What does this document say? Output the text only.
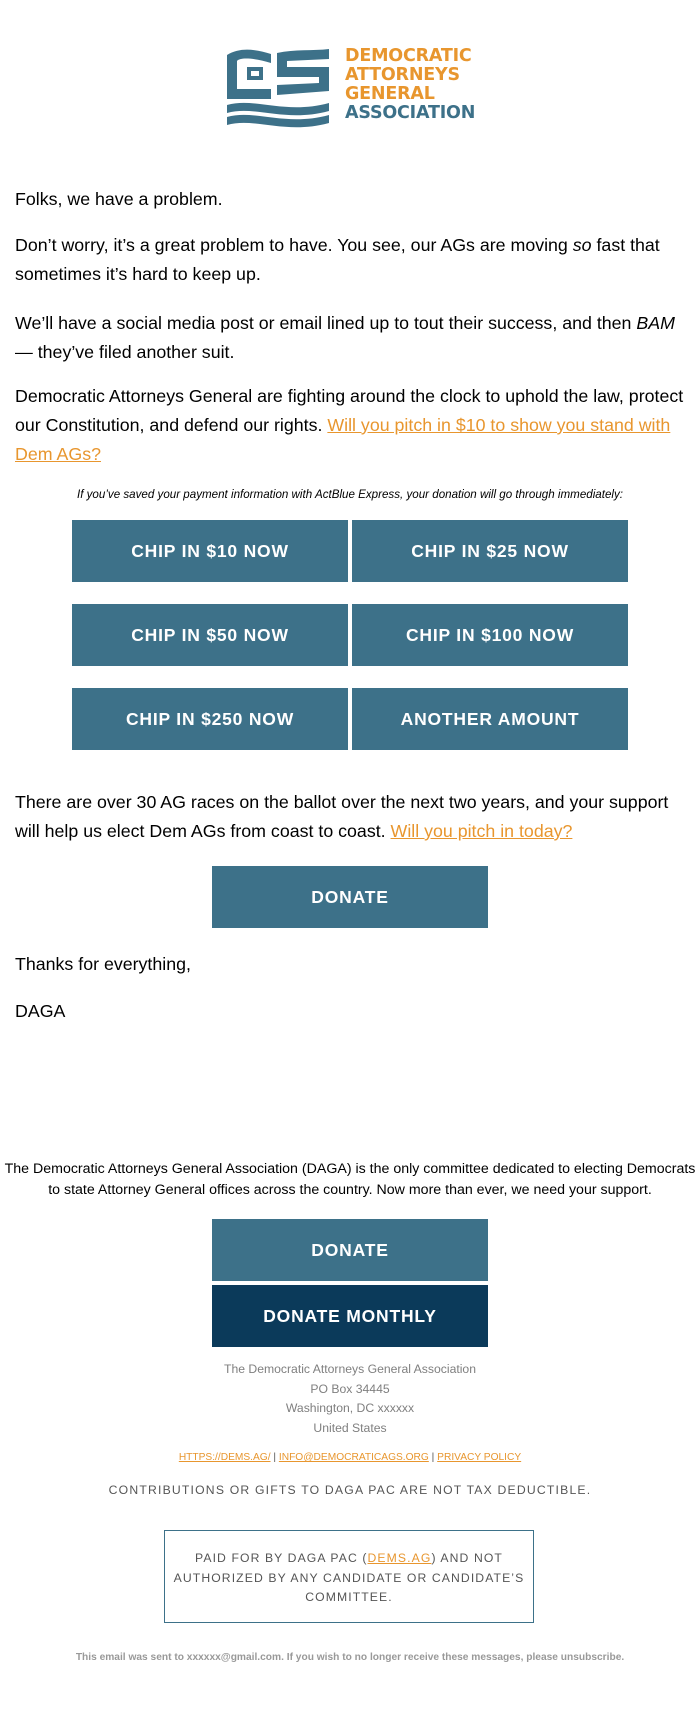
DEMOCRATIC
ATTORNEYS
GENERAL
ASSOCIATION
Folks, we have a problem.
Don’t worry, it’s a great problem to have. You see, our AGs are moving so fast that sometimes it’s hard to keep up.
We’ll have a social media post or email lined up to tout their success, and then BAM — they’ve filed another suit.
Democratic Attorneys General are fighting around the clock to uphold the law, protect our Constitution, and defend our rights. Will you pitch in $10 to show you stand with Dem AGs?
If you’ve saved your payment information with ActBlue Express, your donation will go through immediately:
CHIP IN $10 NOW	CHIP IN $25 NOW
CHIP IN $50 NOW	CHIP IN $100 NOW
CHIP IN $250 NOW	ANOTHER AMOUNT
There are over 30 AG races on the ballot over the next two years, and your support will help us elect Dem AGs from coast to coast. Will you pitch in today?
DONATE
Thanks for everything,
DAGA
The Democratic Attorneys General Association (DAGA) is the only committee dedicated to electing Democrats to state Attorney General offices across the country. Now more than ever, we need your support.
DONATE
DONATE MONTHLY
The Democratic Attorneys General Association
PO Box 34445
Washington, DC xxxxxx
United States
HTTPS://DEMS.AG/ | INFO@DEMOCRATICAGS.ORG | PRIVACY POLICY
CONTRIBUTIONS OR GIFTS TO DAGA PAC ARE NOT TAX DEDUCTIBLE.
PAID FOR BY DAGA PAC (DEMS.AG) AND NOT AUTHORIZED BY ANY CANDIDATE OR CANDIDATE’S COMMITTEE.
This email was sent to xxxxxx@gmail.com. If you wish to no longer receive these messages, please unsubscribe.
